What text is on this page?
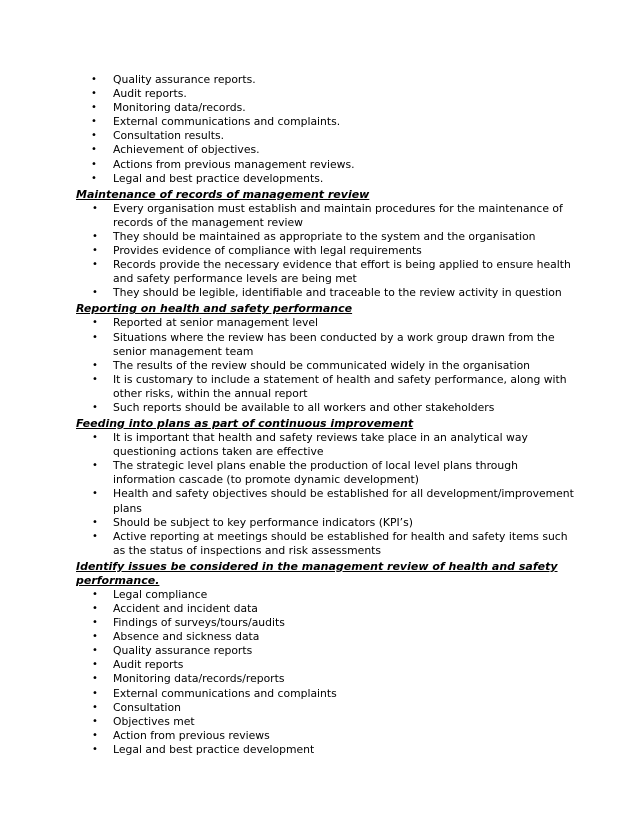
• Quality assurance reports.
• Audit reports.
• Monitoring data/records.
• External communications and complaints.
• Consultation results.
• Achievement of objectives.
• Actions from previous management reviews.
• Legal and best practice developments.

Maintenance of records of management review

• Every organisation must establish and maintain procedures for the maintenance of records of the management review
• They should be maintained as appropriate to the system and the organisation
• Provides evidence of compliance with legal requirements
• Records provide the necessary evidence that effort is being applied to ensure health and safety performance levels are being met
• They should be legible, identifiable and traceable to the review activity in question

Reporting on health and safety performance

• Reported at senior management level
• Situations where the review has been conducted by a work group drawn from the senior management team
• The results of the review should be communicated widely in the organisation
• It is customary to include a statement of health and safety performance, along with other risks, within the annual report
• Such reports should be available to all workers and other stakeholders

Feeding into plans as part of continuous improvement

• It is important that health and safety reviews take place in an analytical way questioning actions taken are effective
• The strategic level plans enable the production of local level plans through information cascade (to promote dynamic development)
• Health and safety objectives should be established for all development/improvement plans
• Should be subject to key performance indicators (KPI’s)
• Active reporting at meetings should be established for health and safety items such as the status of inspections and risk assessments

Identify issues be considered in the management review of health and safety performance.

• Legal compliance
• Accident and incident data
• Findings of surveys/tours/audits
• Absence and sickness data
• Quality assurance reports
• Audit reports
• Monitoring data/records/reports
• External communications and complaints
• Consultation
• Objectives met
• Action from previous reviews
• Legal and best practice development
